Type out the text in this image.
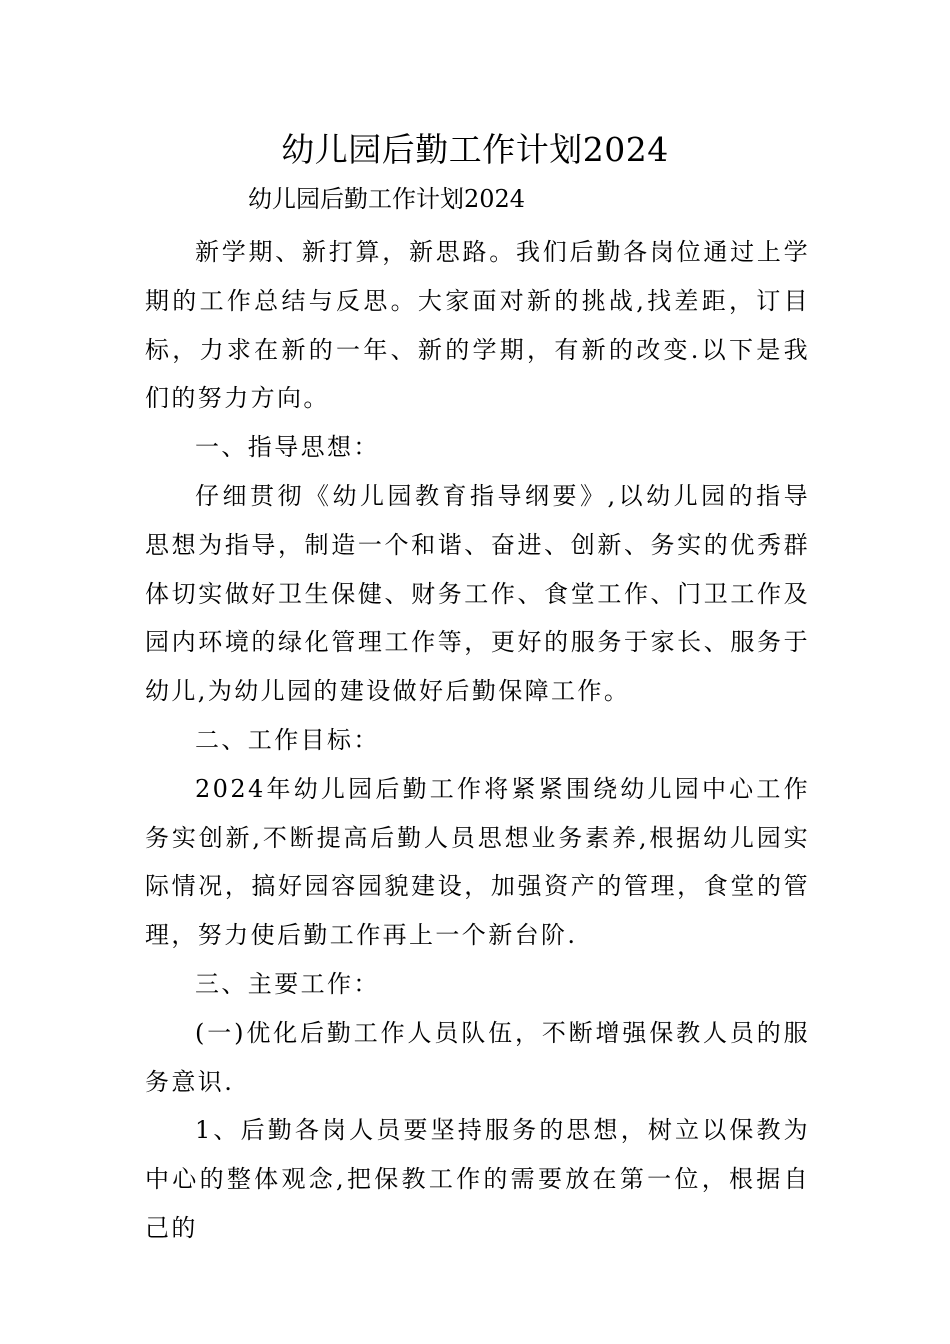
幼儿园后勤工作计划2024

幼儿园后勤工作计划2024

新学期、新打算，新思路。我们后勤各岗位通过上学期的工作总结与反思。大家面对新的挑战,找差距，订目标，力求在新的一年、新的学期，有新的改变.以下是我们的努力方向。

一、指导思想：

仔细贯彻《幼儿园教育指导纲要》,以幼儿园的指导思想为指导，制造一个和谐、奋进、创新、务实的优秀群体切实做好卫生保健、财务工作、食堂工作、门卫工作及园内环境的绿化管理工作等，更好的服务于家长、服务于幼儿,为幼儿园的建设做好后勤保障工作。

二、工作目标：

2024年幼儿园后勤工作将紧紧围绕幼儿园中心工作务实创新,不断提高后勤人员思想业务素养,根据幼儿园实际情况，搞好园容园貌建设，加强资产的管理，食堂的管理，努力使后勤工作再上一个新台阶.

三、主要工作：

(一)优化后勤工作人员队伍，不断增强保教人员的服务意识.

1、后勤各岗人员要坚持服务的思想，树立以保教为中心的整体观念,把保教工作的需要放在第一位，根据自己的
